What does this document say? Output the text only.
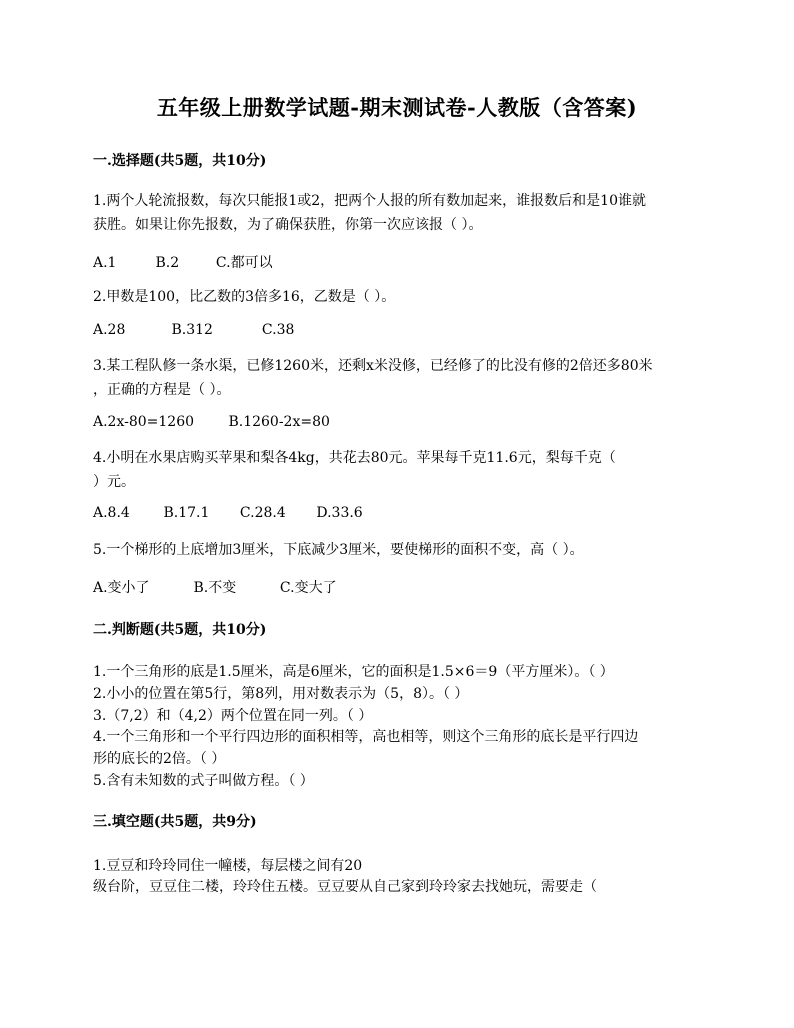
五年级上册数学试题-期末测试卷-人教版（含答案)
一.选择题(共5题，共10分)
1.两个人轮流报数，每次只能报1或2，把两个人报的所有数加起来，谁报数后和是10谁就
获胜。如果让你先报数，为了确保获胜，你第一次应该报（ ）。
A.1	B.2	C.都可以
2.甲数是100，比乙数的3倍多16，乙数是（ ）。
A.28	B.312	C.38
3.某工程队修一条水渠，已修1260米，还剩x米没修，已经修了的比没有修的2倍还多80米
，正确的方程是（ ）。
A.2x-80=1260 B.1260-2x=80
4.小明在水果店购买苹果和梨各4kg，共花去80元。苹果每千克11.6元，梨每千克（
）元。
A.8.4 B.17.1 C.28.4 D.33.6
5.一个梯形的上底增加3厘米，下底减少3厘米，要使梯形的面积不变，高（ ）。
A.变小了	B.不变	C.变大了
二.判断题(共5题，共10分)
1.一个三角形的底是1.5厘米，高是6厘米，它的面积是1.5×6＝9（平方厘米）。（ ）
2.小小的位置在第5行，第8列，用对数表示为（5，8）。（ ）
3.（7,2）和（4,2）两个位置在同一列。（ ）
4.一个三角形和一个平行四边形的面积相等，高也相等，则这个三角形的底长是平行四边
形的底长的2倍。（ ）
5.含有未知数的式子叫做方程。（ ）
三.填空题(共5题，共9分)
1.豆豆和玲玲同住一幢楼，每层楼之间有20
级台阶，豆豆住二楼，玲玲住五楼。豆豆要从自己家到玲玲家去找她玩，需要走（
